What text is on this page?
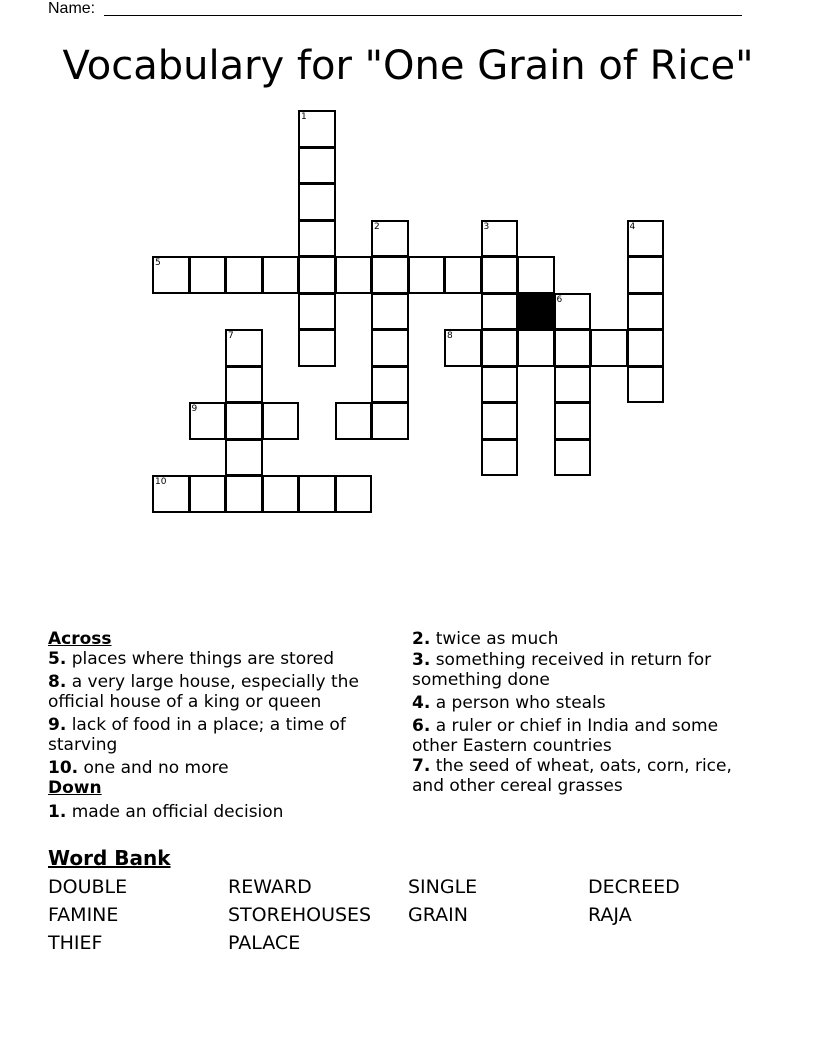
Name:
Vocabulary for "One Grain of Rice"
1
5
2	3	4
6
8
7
9
10
Across
5. places where things are stored
8. a very large house, especially the official house of a king or queen
9. lack of food in a place; a time of starving
10. one and no more
Down
1. made an official decision
2. twice as much
3. something received in return for something done
4. a person who steals
6. a ruler or chief in India and some other Eastern countries
7. the seed of wheat, oats, corn, rice, and other cereal grasses
Word Bank
DOUBLE	REWARD	SINGLE	DECREED
FAMINE	STOREHOUSES GRAIN	RAJA
THIEF	PALACE
